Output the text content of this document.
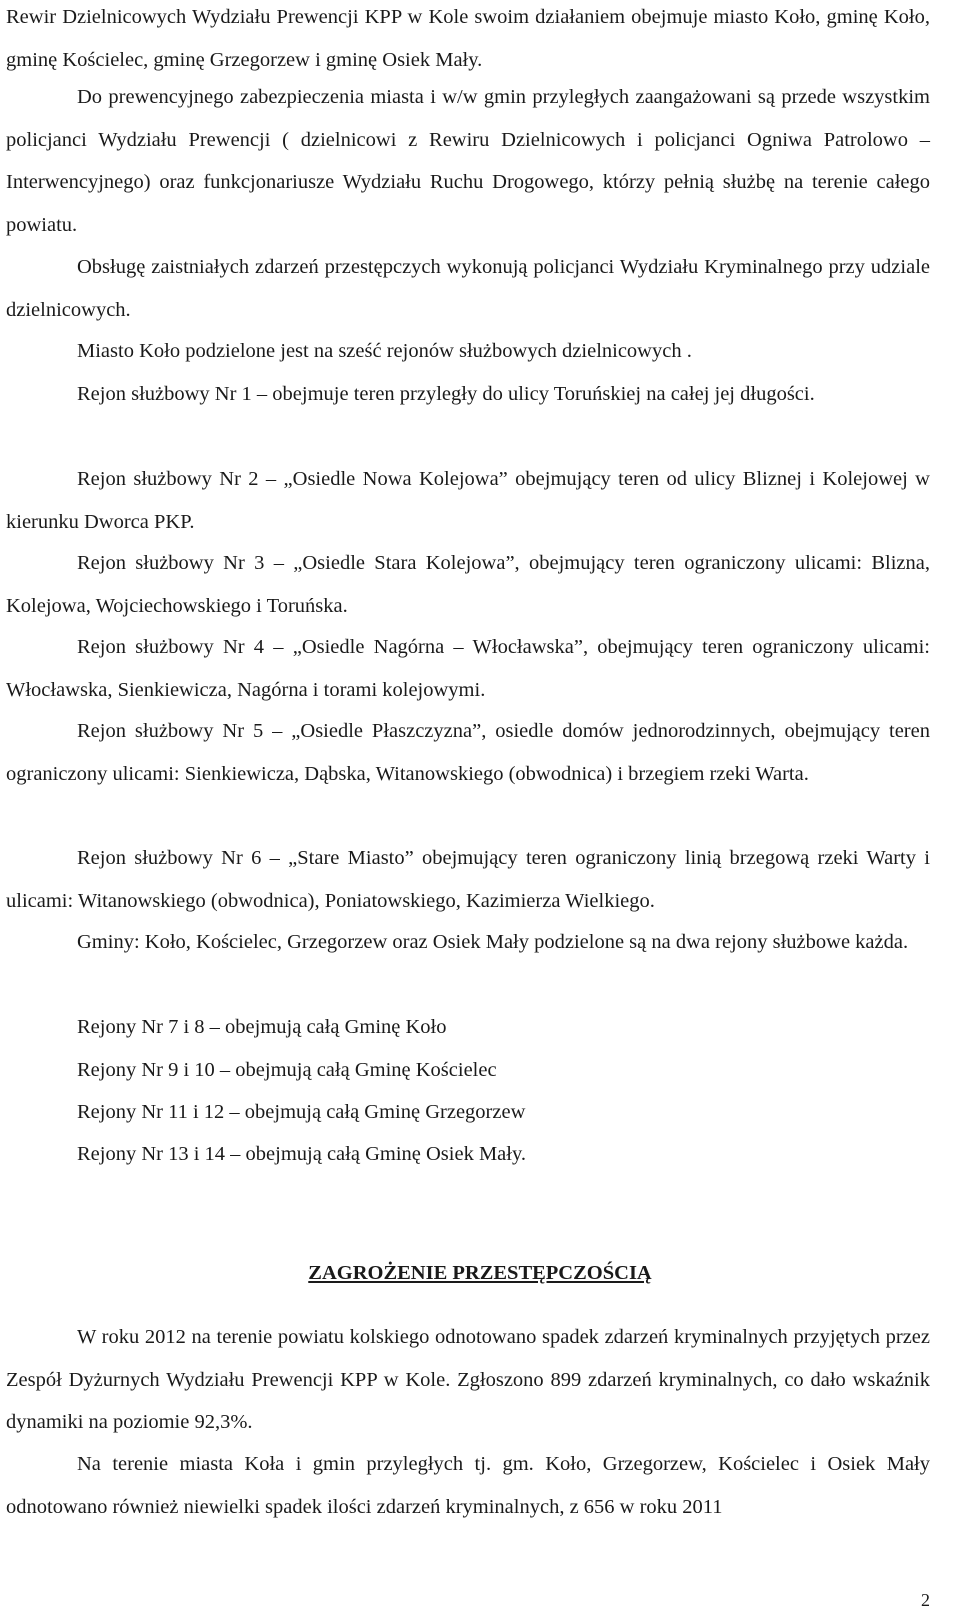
Rewir Dzielnicowych Wydziału Prewencji KPP w Kole swoim działaniem obejmuje miasto Koło, gminę Koło, gminę Kościelec, gminę Grzegorzew i gminę Osiek Mały.

Do prewencyjnego zabezpieczenia miasta i w/w gmin przyległych zaangażowani są przede wszystkim policjanci Wydziału Prewencji ( dzielnicowi z Rewiru Dzielnicowych i policjanci Ogniwa Patrolowo – Interwencyjnego) oraz funkcjonariusze Wydziału Ruchu Drogowego, którzy pełnią służbę na terenie całego powiatu.

Obsługę zaistniałych zdarzeń przestępczych wykonują policjanci Wydziału Kryminalnego przy udziale dzielnicowych.

Miasto Koło podzielone jest na sześć rejonów służbowych dzielnicowych .

Rejon służbowy Nr 1 – obejmuje teren przyległy do ulicy Toruńskiej na całej jej długości.

Rejon służbowy Nr 2 – „Osiedle Nowa Kolejowa” obejmujący teren od ulicy Bliznej i Kolejowej w kierunku Dworca PKP.

Rejon służbowy Nr 3 – „Osiedle Stara Kolejowa”, obejmujący teren ograniczony ulicami: Blizna, Kolejowa, Wojciechowskiego i Toruńska.

Rejon służbowy Nr 4 – „Osiedle Nagórna – Włocławska”, obejmujący teren ograniczony ulicami: Włocławska, Sienkiewicza, Nagórna i torami kolejowymi.

Rejon służbowy Nr 5 – „Osiedle Płaszczyzna”, osiedle domów jednorodzinnych, obejmujący teren ograniczony ulicami: Sienkiewicza, Dąbska, Witanowskiego (obwodnica) i brzegiem rzeki Warta.

Rejon służbowy Nr 6 – „Stare Miasto” obejmujący teren ograniczony linią brzegową rzeki Warty i ulicami: Witanowskiego (obwodnica), Poniatowskiego, Kazimierza Wielkiego.

Gminy: Koło, Kościelec, Grzegorzew oraz Osiek Mały podzielone są na dwa rejony służbowe każda.

Rejony Nr 7 i 8 – obejmują całą Gminę Koło

Rejony Nr 9 i 10 – obejmują całą Gminę Kościelec

Rejony Nr 11 i 12 – obejmują całą Gminę Grzegorzew

Rejony Nr 13 i 14 – obejmują całą Gminę Osiek Mały.

ZAGROŻENIE PRZESTĘPCZOŚCIĄ

W roku 2012 na terenie powiatu kolskiego odnotowano spadek zdarzeń kryminalnych przyjętych przez Zespół Dyżurnych Wydziału Prewencji KPP w Kole. Zgłoszono 899 zdarzeń kryminalnych, co dało wskaźnik dynamiki na poziomie 92,3%.

Na terenie miasta Koła i gmin przyległych tj. gm. Koło, Grzegorzew, Kościelec i Osiek Mały odnotowano również niewielki spadek ilości zdarzeń kryminalnych, z 656 w roku 2011

2
